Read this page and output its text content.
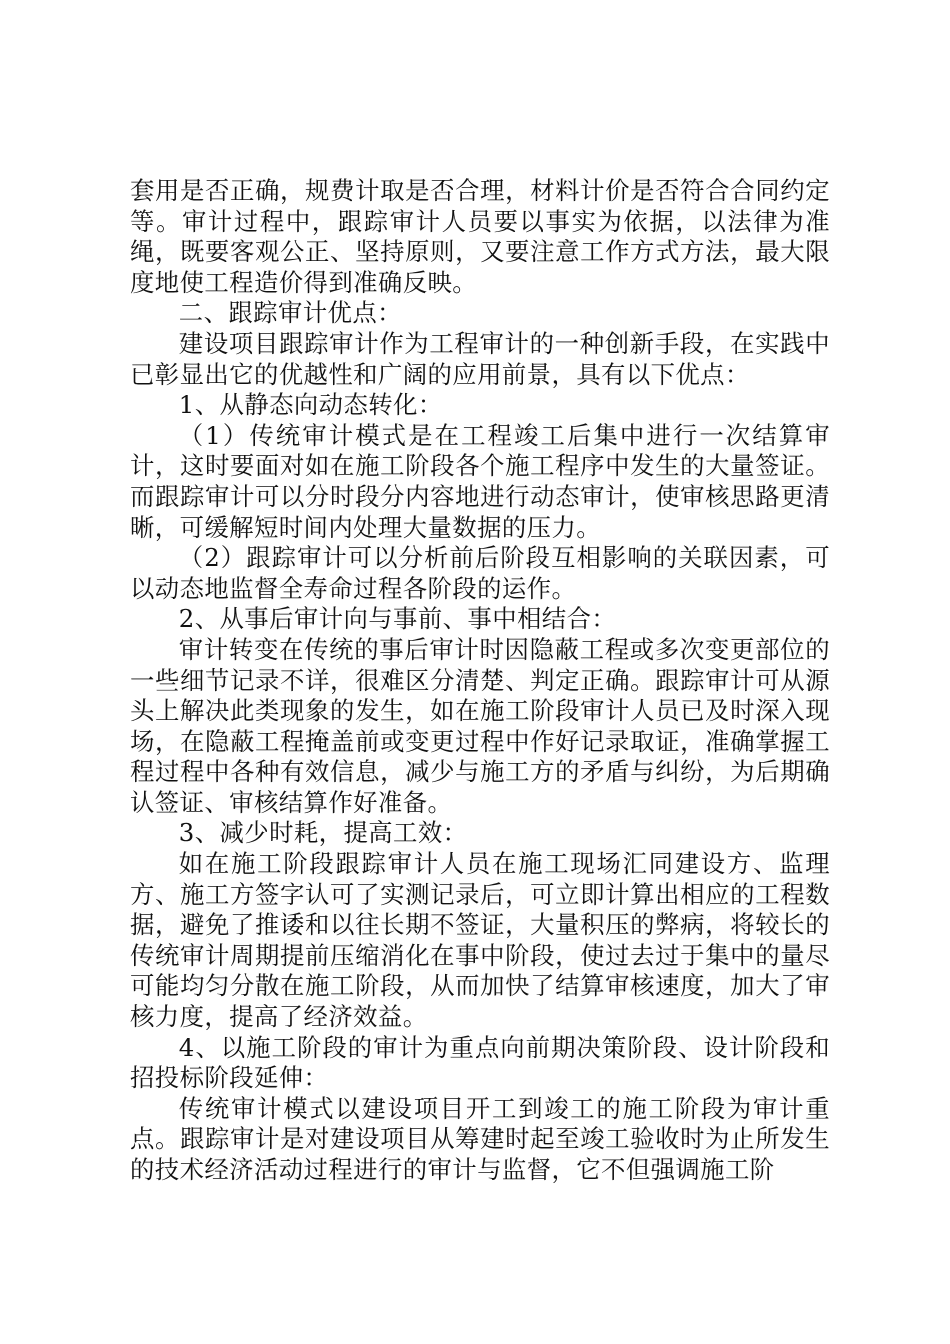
套用是否正确，规费计取是否合理，材料计价是否符合合同约定等。审计过程中，跟踪审计人员要以事实为依据，以法律为准绳，既要客观公正、坚持原则，又要注意工作方式方法，最大限度地使工程造价得到准确反映。

二、跟踪审计优点：

建设项目跟踪审计作为工程审计的一种创新手段，在实践中已彰显出它的优越性和广阔的应用前景，具有以下优点：

1、从静态向动态转化：

（1）传统审计模式是在工程竣工后集中进行一次结算审计，这时要面对如在施工阶段各个施工程序中发生的大量签证。而跟踪审计可以分时段分内容地进行动态审计，使审核思路更清晰，可缓解短时间内处理大量数据的压力。

（2）跟踪审计可以分析前后阶段互相影响的关联因素，可以动态地监督全寿命过程各阶段的运作。

2、从事后审计向与事前、事中相结合：

审计转变在传统的事后审计时因隐蔽工程或多次变更部位的一些细节记录不详，很难区分清楚、判定正确。跟踪审计可从源头上解决此类现象的发生，如在施工阶段审计人员已及时深入现场，在隐蔽工程掩盖前或变更过程中作好记录取证，准确掌握工程过程中各种有效信息，减少与施工方的矛盾与纠纷，为后期确认签证、审核结算作好准备。

3、减少时耗，提高工效：

如在施工阶段跟踪审计人员在施工现场汇同建设方、监理方、施工方签字认可了实测记录后，可立即计算出相应的工程数据，避免了推诿和以往长期不签证，大量积压的弊病，将较长的传统审计周期提前压缩消化在事中阶段，使过去过于集中的量尽可能均匀分散在施工阶段，从而加快了结算审核速度，加大了审核力度，提高了经济效益。

4、以施工阶段的审计为重点向前期决策阶段、设计阶段和招投标阶段延伸：

传统审计模式以建设项目开工到竣工的施工阶段为审计重点。跟踪审计是对建设项目从筹建时起至竣工验收时为止所发生的技术经济活动过程进行的审计与监督，它不但强调施工阶
